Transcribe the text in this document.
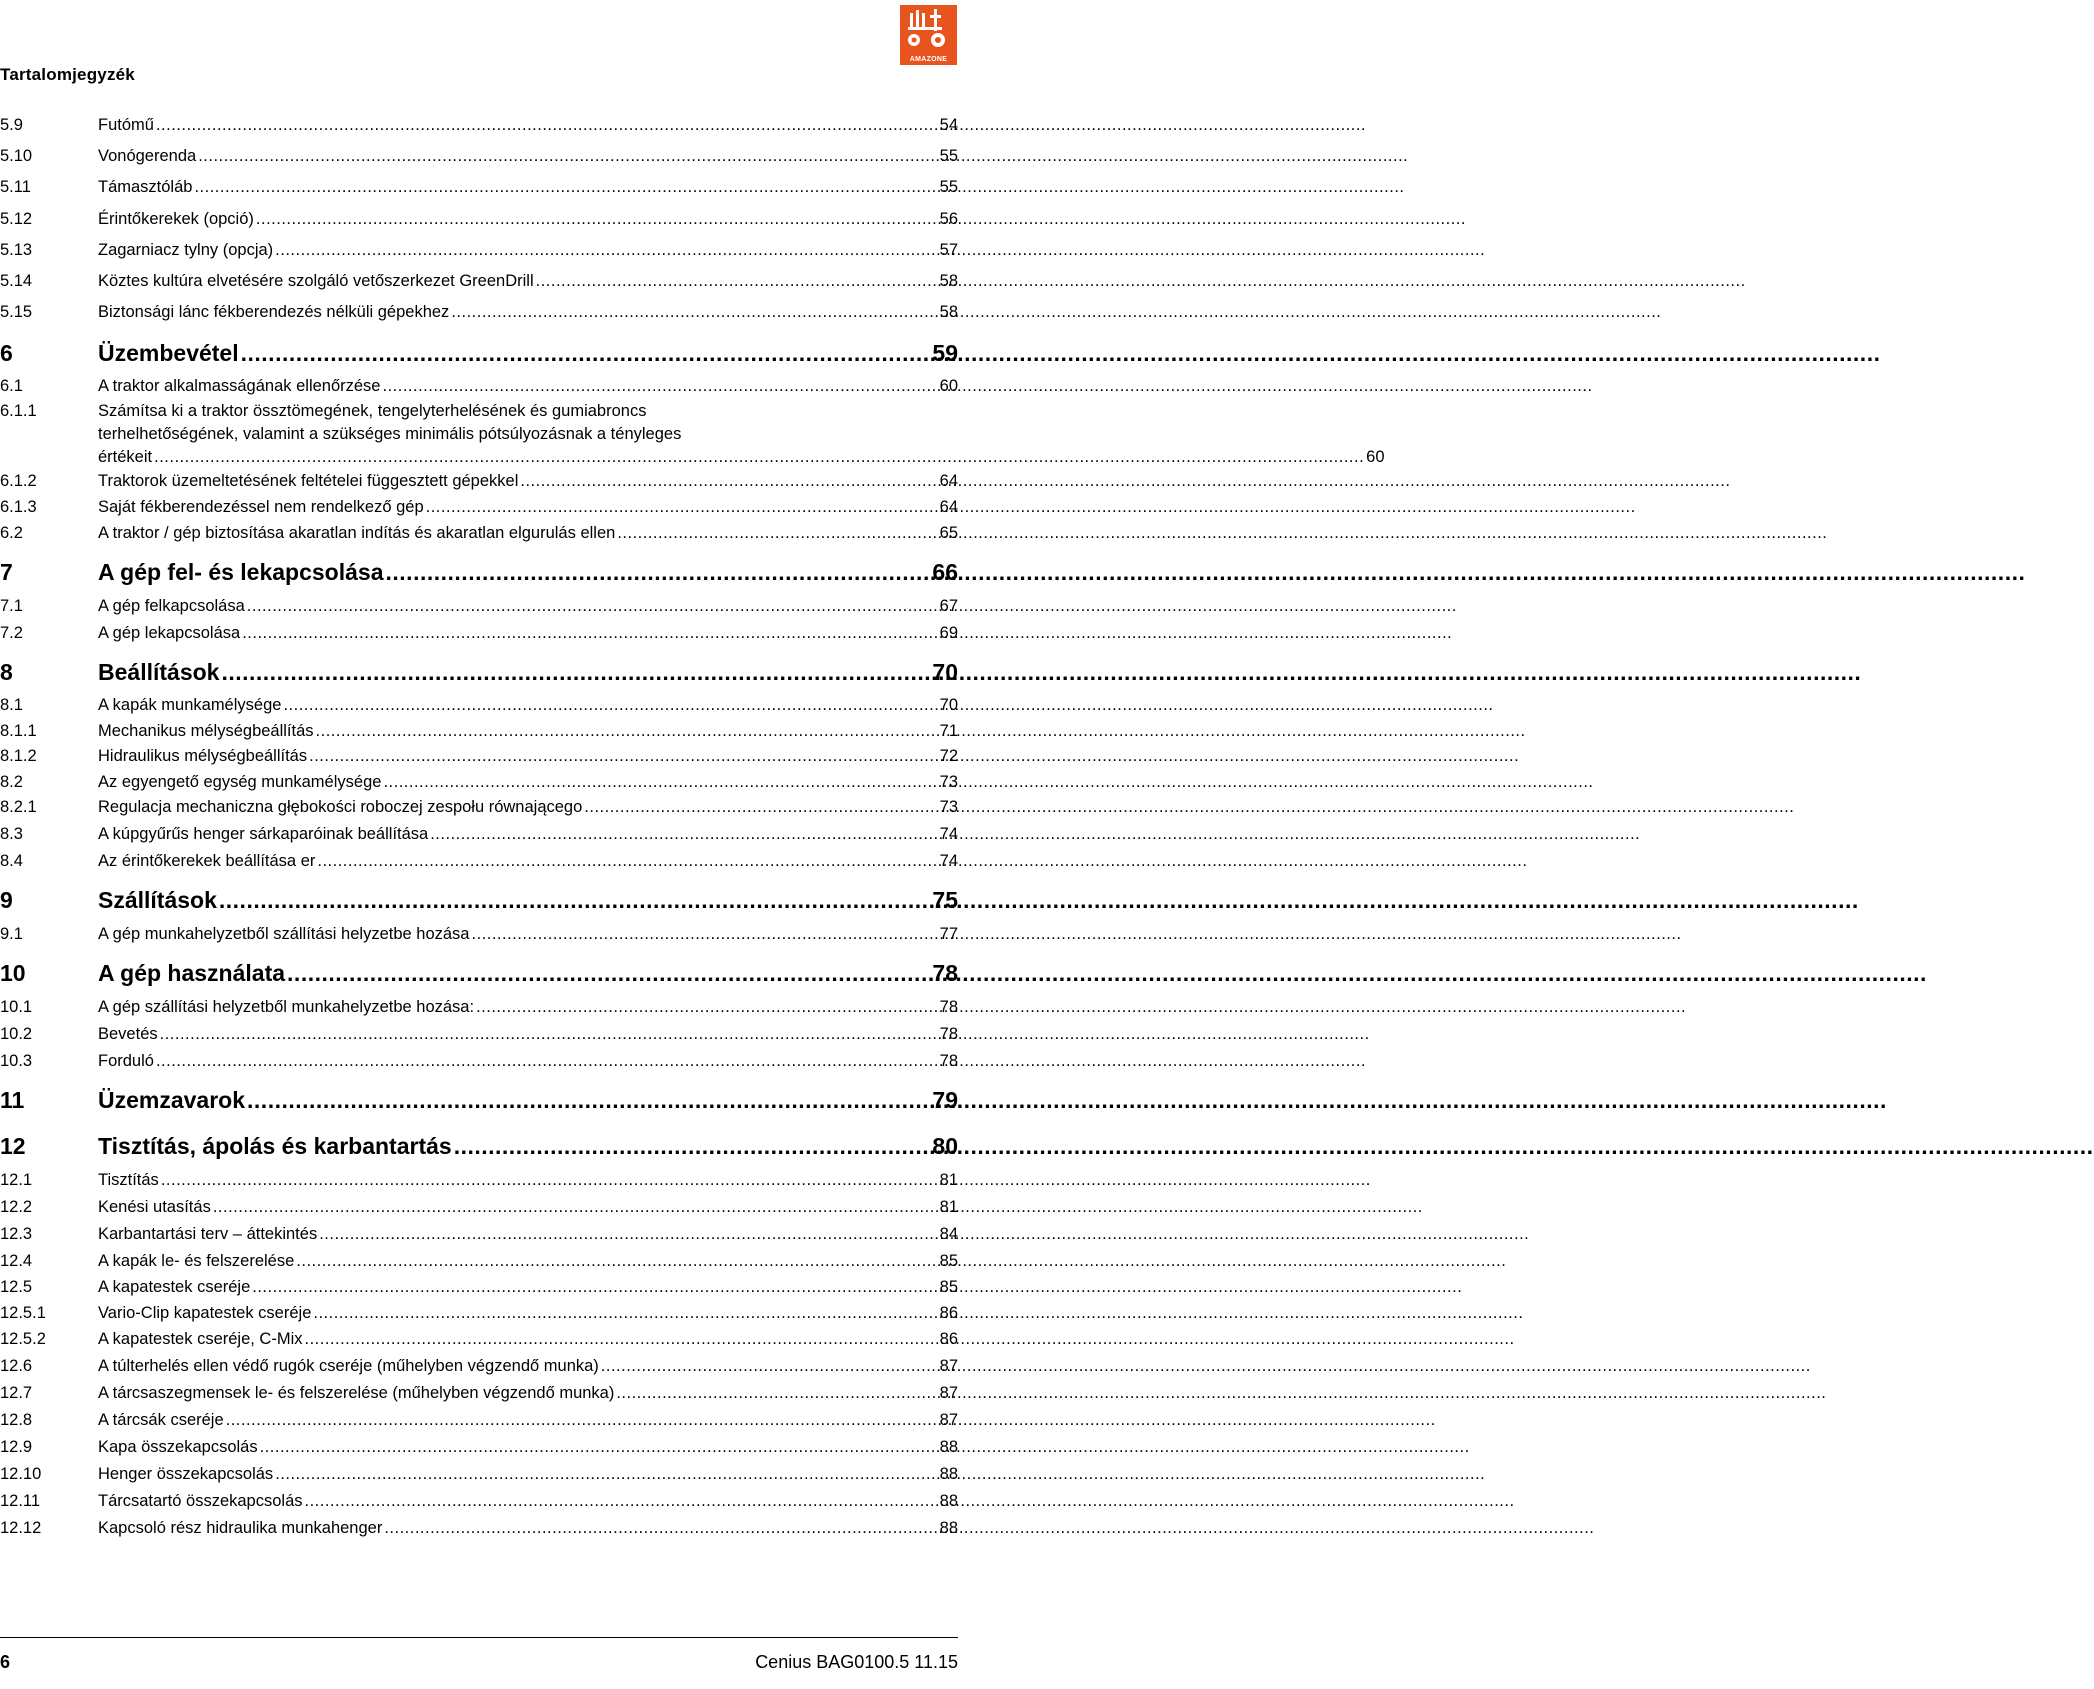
Tartalomjegyzék
AMAZONE
5.9	Futómű .....	54
5.10	Vonógerenda .....	55
5.11	Támasztóláb .....	55
5.12	Érintőkerekek (opció) .....	56
5.13	Zagarniacz tylny (opcja) .....	57
5.14	Köztes kultúra elvetésére szolgáló vetőszerkezet GreenDrill .....	58
5.15	Biztonsági lánc fékberendezés nélküli gépekhez .....	58
6	Üzembevétel .....	59
6.1	A traktor alkalmasságának ellenőrzése .....	60
6.1.1	Számítsa ki a traktor össztömegének, tengelyterhelésének és gumiabroncs
terhelhetőségének, valamint a szükséges minimális pótsúlyozásnak a tényleges
értékeit .....	60
6.1.2	Traktorok üzemeltetésének feltételei függesztett gépekkel .....	64
6.1.3	Saját fékberendezéssel nem rendelkező gép .....	64
6.2	A traktor / gép biztosítása akaratlan indítás és akaratlan elgurulás ellen .....	65
7	A gép fel- és lekapcsolása .....	66
7.1	A gép felkapcsolása .....	67
7.2	A gép lekapcsolása .....	69
8	Beállítások .....	70
8.1	A kapák munkamélysége .....	70
8.1.1	Mechanikus mélységbeállítás .....	71
8.1.2	Hidraulikus mélységbeállítás .....	72
8.2	Az egyengető egység munkamélysége .....	73
8.2.1	Regulacja mechaniczna głębokości roboczej zespołu równającego .....	73
8.3	A kúpgyűrűs henger sárkaparóinak beállítása .....	74
8.4	Az érintőkerekek beállítása er .....	74
9	Szállítások .....	75
9.1	A gép munkahelyzetből szállítási helyzetbe hozása .....	77
10	A gép használata .....	78
10.1	A gép szállítási helyzetből munkahelyzetbe hozása: .....	78
10.2	Bevetés .....	78
10.3	Forduló .....	78
11	Üzemzavarok .....	79
12	Tisztítás, ápolás és karbantartás .....	80
12.1	Tisztítás .....	81
12.2	Kenési utasítás .....	81
12.3	Karbantartási terv – áttekintés .....	84
12.4	A kapák le- és felszerelése .....	85
12.5	A kapatestek cseréje .....	85
12.5.1	Vario-Clip kapatestek cseréje .....	86
12.5.2	A kapatestek cseréje, C-Mix .....	86
12.6	A túlterhelés ellen védő rugók cseréje (műhelyben végzendő munka) .....	87
12.7	A tárcsaszegmensek le- és felszerelése (műhelyben végzendő munka) .....	87
12.8	A tárcsák cseréje .....	87
12.9	Kapa összekapcsolás .....	88
12.10	Henger összekapcsolás .....	88
12.11	Tárcsatartó összekapcsolás .....	88
12.12	Kapcsoló rész hidraulika munkahenger .....	88
6	Cenius BAG0100.5 11.15
